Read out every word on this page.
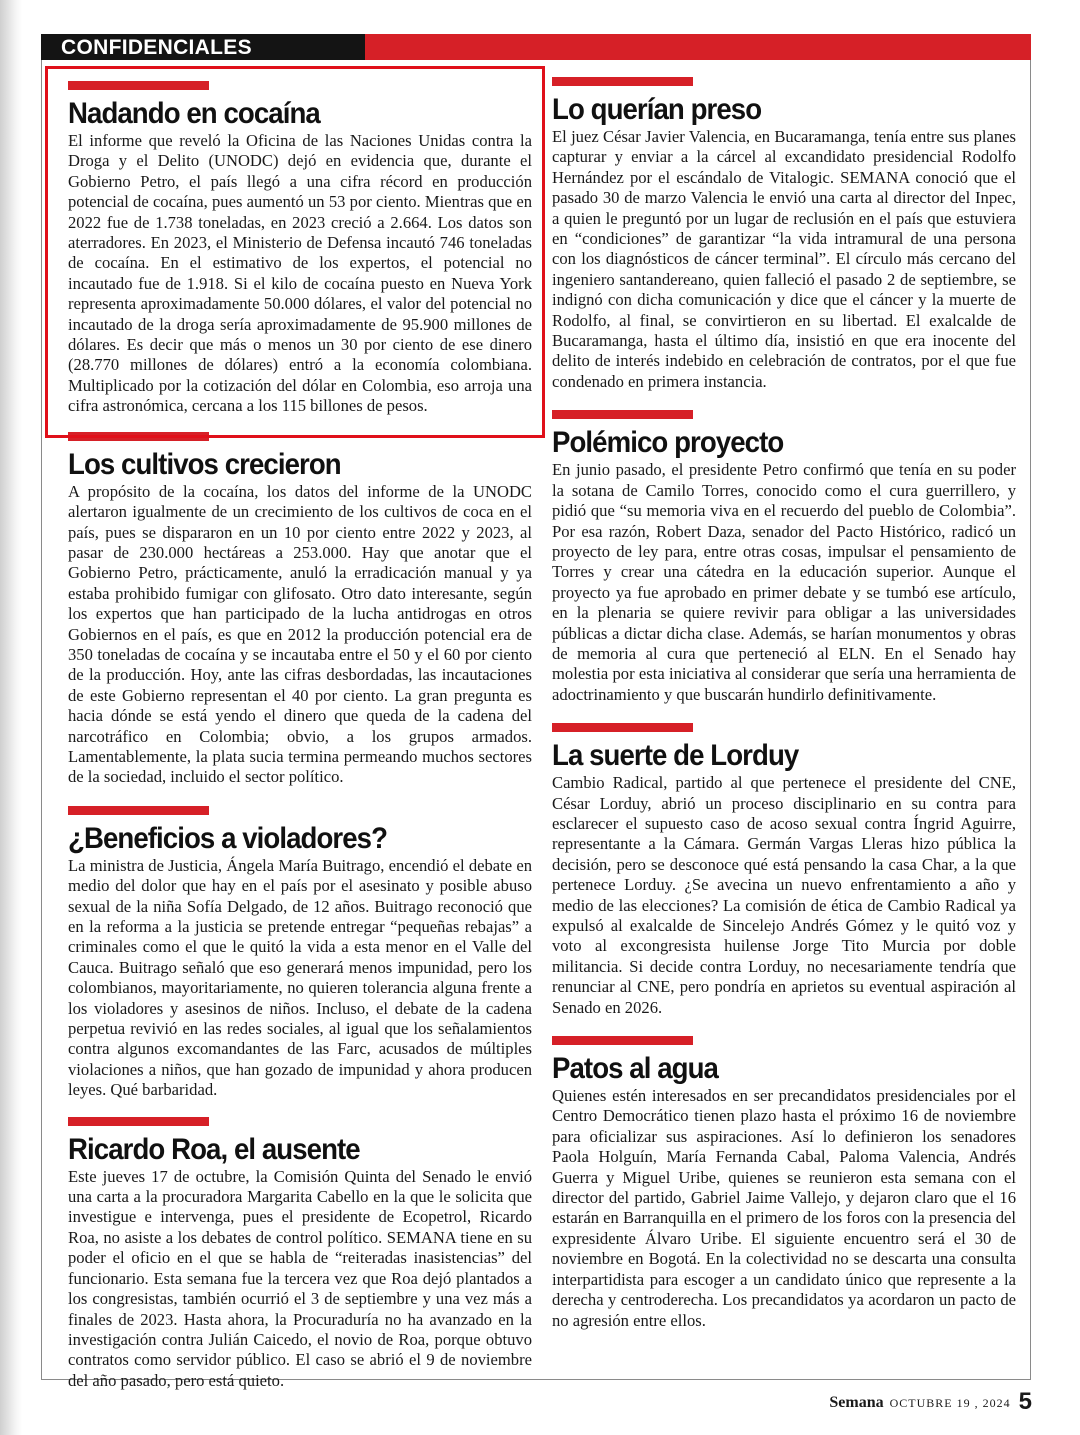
CONFIDENCIALES
Nadando en cocaína

El informe que reveló la Oficina de las Naciones Unidas contra la Droga y el Delito (UNODC) dejó en evidencia que, durante el Gobierno Petro, el país llegó a una cifra récord en producción potencial de cocaína, pues aumentó un 53 por ciento. Mientras que en 2022 fue de 1.738 toneladas, en 2023 creció a 2.664. Los datos son aterradores. En 2023, el Ministerio de Defensa incautó 746 toneladas de cocaína. En el estimativo de los expertos, el potencial no incautado fue de 1.918. Si el kilo de cocaína puesto en Nueva York representa aproximadamente 50.000 dólares, el valor del potencial no incautado de la droga sería aproximadamente de 95.900 millones de dólares. Es decir que más o menos un 30 por ciento de ese dinero (28.770 millones de dólares) entró a la economía colombiana. Multiplicado por la cotización del dólar en Colombia, eso arroja una cifra astronómica, cercana a los 115 billones de pesos.

Los cultivos crecieron

A propósito de la cocaína, los datos del informe de la UNODC alertaron igualmente de un crecimiento de los cultivos de coca en el país, pues se dispararon en un 10 por ciento entre 2022 y 2023, al pasar de 230.000 hectáreas a 253.000. Hay que anotar que el Gobierno Petro, prácticamente, anuló la erradicación manual y ya estaba prohibido fumigar con glifosato. Otro dato interesante, según los expertos que han participado de la lucha antidrogas en otros Gobiernos en el país, es que en 2012 la producción potencial era de 350 toneladas de cocaína y se incautaba entre el 50 y el 60 por ciento de la producción. Hoy, ante las cifras desbordadas, las incautaciones de este Gobierno representan el 40 por ciento. La gran pregunta es hacia dónde se está yendo el dinero que queda de la cadena del narcotráfico en Colombia; obvio, a los grupos armados. Lamentablemente, la plata sucia termina permeando muchos sectores de la sociedad, incluido el sector político.

¿Beneficios a violadores?

La ministra de Justicia, Ángela María Buitrago, encendió el debate en medio del dolor que hay en el país por el asesinato y posible abuso sexual de la niña Sofía Delgado, de 12 años. Buitrago reconoció que en la reforma a la justicia se pretende entregar “pequeñas rebajas” a criminales como el que le quitó la vida a esta menor en el Valle del Cauca. Buitrago señaló que eso generará menos impunidad, pero los colombianos, mayoritariamente, no quieren tolerancia alguna frente a los violadores y asesinos de niños. Incluso, el debate de la cadena perpetua revivió en las redes sociales, al igual que los señalamientos contra algunos excomandantes de las Farc, acusados de múltiples violaciones a niños, que han gozado de impunidad y ahora producen leyes. Qué barbaridad.

Ricardo Roa, el ausente

Este jueves 17 de octubre, la Comisión Quinta del Senado le envió una carta a la procuradora Margarita Cabello en la que le solicita que investigue e intervenga, pues el presidente de Ecopetrol, Ricardo Roa, no asiste a los debates de control político. SEMANA tiene en su poder el oficio en el que se habla de “reiteradas inasistencias” del funcionario. Esta semana fue la tercera vez que Roa dejó plantados a los congresistas, también ocurrió el 3 de septiembre y una vez más a finales de 2023. Hasta ahora, la Procuraduría no ha avanzado en la investigación contra Julián Caicedo, el novio de Roa, porque obtuvo contratos como servidor público. El caso se abrió el 9 de noviembre del año pasado, pero está quieto.

Lo querían preso

El juez César Javier Valencia, en Bucaramanga, tenía entre sus planes capturar y enviar a la cárcel al excandidato presidencial Rodolfo Hernández por el escándalo de Vitalogic. SEMANA conoció que el pasado 30 de marzo Valencia le envió una carta al director del Inpec, a quien le preguntó por un lugar de reclusión en el país que estuviera en “condiciones” de garantizar “la vida intramural de una persona con los diagnósticos de cáncer terminal”. El círculo más cercano del ingeniero santandereano, quien falleció el pasado 2 de septiembre, se indignó con dicha comunicación y dice que el cáncer y la muerte de Rodolfo, al final, se convirtieron en su libertad. El exalcalde de Bucaramanga, hasta el último día, insistió en que era inocente del delito de interés indebido en celebración de contratos, por el que fue condenado en primera instancia.

Polémico proyecto

En junio pasado, el presidente Petro confirmó que tenía en su poder la sotana de Camilo Torres, conocido como el cura guerrillero, y pidió que “su memoria viva en el recuerdo del pueblo de Colombia”. Por esa razón, Robert Daza, senador del Pacto Histórico, radicó un proyecto de ley para, entre otras cosas, impulsar el pensamiento de Torres y crear una cátedra en la educación superior. Aunque el proyecto ya fue aprobado en primer debate y se tumbó ese artículo, en la plenaria se quiere revivir para obligar a las universidades públicas a dictar dicha clase. Además, se harían monumentos y obras de memoria al cura que perteneció al ELN. En el Senado hay molestia por esta iniciativa al considerar que sería una herramienta de adoctrinamiento y que buscarán hundirlo definitivamente.

La suerte de Lorduy

Cambio Radical, partido al que pertenece el presidente del CNE, César Lorduy, abrió un proceso disciplinario en su contra para esclarecer el supuesto caso de acoso sexual contra Íngrid Aguirre, representante a la Cámara. Germán Vargas Lleras hizo pública la decisión, pero se desconoce qué está pensando la casa Char, a la que pertenece Lorduy. ¿Se avecina un nuevo enfrentamiento a año y medio de las elecciones? La comisión de ética de Cambio Radical ya expulsó al exalcalde de Sincelejo Andrés Gómez y le quitó voz y voto al excongresista huilense Jorge Tito Murcia por doble militancia. Si decide contra Lorduy, no necesariamente tendría que renunciar al CNE, pero pondría en aprietos su eventual aspiración al Senado en 2026.

Patos al agua

Quienes estén interesados en ser precandidatos presidenciales por el Centro Democrático tienen plazo hasta el próximo 16 de noviembre para oficializar sus aspiraciones. Así lo definieron los senadores Paola Holguín, María Fernanda Cabal, Paloma Valencia, Andrés Guerra y Miguel Uribe, quienes se reunieron esta semana con el director del partido, Gabriel Jaime Vallejo, y dejaron claro que el 16 estarán en Barranquilla en el primero de los foros con la presencia del expresidente Álvaro Uribe. El siguiente encuentro será el 30 de noviembre en Bogotá. En la colectividad no se descarta una consulta interpartidista para escoger a un candidato único que represente a la derecha y centroderecha. Los precandidatos ya acordaron un pacto de no agresión entre ellos.

Semana OCTUBRE 19 , 2024 5
